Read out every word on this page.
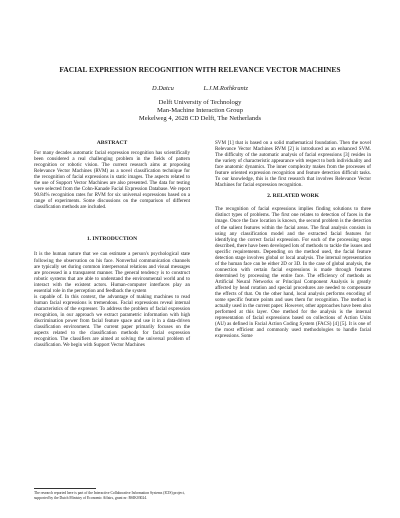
FACIAL EXPRESSION RECOGNITION WITH RELEVANCE VECTOR MACHINES
D.Datcu	L.J.M.Rothkrantz
Delft University of Technology
Man-Machine Interaction Group
Mekelweg 4, 2628 CD Delft, The Netherlands
ABSTRACT

For many decades automatic facial expression recognition has scientifically been considered a real challenging problem in the fields of pattern recognition or robotic vision. The current research aims at proposing Relevance Vector Machines (RVM) as a novel classification technique for the recognition of facial expressions in static images. The aspects related to the use of Support Vector Machines are also presented. The data for testing were selected from the Cohn-Kanade Facial Expression Database. We report 90.84% recognition rates for RVM for six universal expressions based on a range of experiments. Some discussions on the comparison of different classification methods are included.

1. INTRODUCTION

It is the human nature that we can estimate a person's psychological state following the observation on his face. Nonverbal communication channels are typically set during common interpersonal relations and visual messages are processed in a transparent manner. The general tendency is to construct robotic systems that are able to understand the environmental world and to interact with the existent actors. Human-computer interfaces play an essential role in the perception and feedback the system

is capable of. In this context, the advantage of making machines to read human facial expressions is tremendous. Facial expressions reveal internal characteristics of the expresser. To address the problem of facial expression recognition, in our approach we extract parametric information with high discrimination power from facial feature space and use it in a data-driven classification environment. The current paper primarily focuses on the aspects related to the classification methods for facial expression recognition. The classifiers are aimed at solving the universal problem of classification. We begin with Support Vector Machines

SVM [1] that is based on a solid mathematical foundation. Then the novel Relevance Vector Machines RVM [2] is introduced as an enhanced SVM. The difficulty of the automatic analysis of facial expressions [3] resides in the variety of characteristic appearance with respect to both individuality and face anatomic dynamics. The inner complexity makes from the processes of feature oriented expression recognition and feature detection difficult tasks. To our knowledge, this is the first research that involves Relevance Vector Machines for facial expression recognition.

2. RELATED WORK

The recognition of facial expressions implies finding solutions to three distinct types of problems. The first one relates to detection of faces in the image. Once the face location is known, the second problem is the detection of the salient features within the facial areas. The final analysis consists in using any classification model and the extracted facial features for identifying the correct facial expression. For each of the processing steps described, there have been developed lots of methods to tackle the issues and specific requirements. Depending on the method used, the facial feature detection stage involves global or local analysis. The internal representation of the human face can be either 2D or 3D. In the case of global analysis, the connection with certain facial expressions is made through features determined by processing the entire face. The efficiency of methods as Artificial Neural Networks or Principal Component Analysis is greatly affected by head rotation and special procedures are needed to compensate the effects of that. On the other hand, local analysis performs encoding of some specific feature points and uses them for recognition. The method is actually used in the current paper. However, other approaches have been also performed at this layer. One method for the analysis is the internal representation of facial expressions based on collections of Action Units (AU) as defined in Facial Action Coding System (FACS) [4] [5]. It is one of the most efficient and commonly used methodologies to handle facial expressions. Some

The research reported here is part of the Interactive Collaborative Information Systems (ICIS) project, supported by the Dutch Ministry of Economic Affairs, grant nr: BSIK03024.
